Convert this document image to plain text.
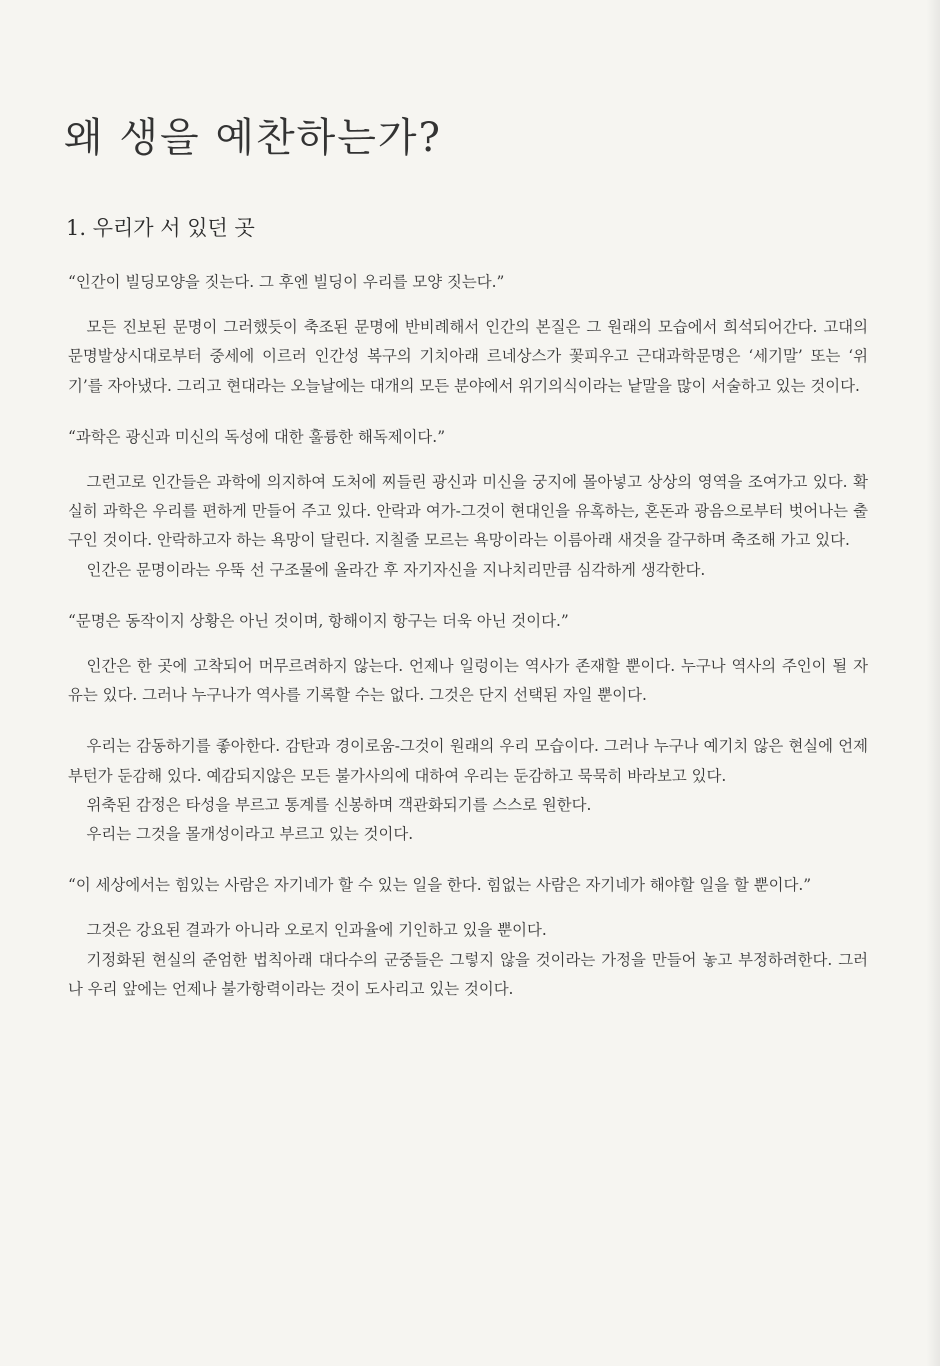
왜 생을 예찬하는가?
1. 우리가 서 있던 곳

“인간이 빌딩모양을 짓는다. 그 후엔 빌딩이 우리를 모양 짓는다.”

모든 진보된 문명이 그러했듯이 축조된 문명에 반비례해서 인간의 본질은 그 원래의 모습에서 희석되어간다. 고대의 문명발상시대로부터 중세에 이르러 인간성 복구의 기치아래 르네상스가 꽃피우고 근대과학문명은 ‘세기말’ 또는 ‘위기’를 자아냈다. 그리고 현대라는 오늘날에는 대개의 모든 분야에서 위기의식이라는 낱말을 많이 서술하고 있는 것이다.

“과학은 광신과 미신의 독성에 대한 훌륭한 해독제이다.”

그런고로 인간들은 과학에 의지하여 도처에 찌들린 광신과 미신을 궁지에 몰아넣고 상상의 영역을 조여가고 있다. 확실히 과학은 우리를 편하게 만들어 주고 있다. 안락과 여가-그것이 현대인을 유혹하는, 혼돈과 광음으로부터 벗어나는 출구인 것이다. 안락하고자 하는 욕망이 달린다. 지칠줄 모르는 욕망이라는 이름아래 새것을 갈구하며 축조해 가고 있다.

인간은 문명이라는 우뚝 선 구조물에 올라간 후 자기자신을 지나치리만큼 심각하게 생각한다.

“문명은 동작이지 상황은 아닌 것이며, 항해이지 항구는 더욱 아닌 것이다.”

인간은 한 곳에 고착되어 머무르려하지 않는다. 언제나 일렁이는 역사가 존재할 뿐이다. 누구나 역사의 주인이 될 자유는 있다. 그러나 누구나가 역사를 기록할 수는 없다. 그것은 단지 선택된 자일 뿐이다.

우리는 감동하기를 좋아한다. 감탄과 경이로움-그것이 원래의 우리 모습이다. 그러나 누구나 예기치 않은 현실에 언제부턴가 둔감해 있다. 예감되지않은 모든 불가사의에 대하여 우리는 둔감하고 묵묵히 바라보고 있다.

위축된 감정은 타성을 부르고 통계를 신봉하며 객관화되기를 스스로 원한다.

우리는 그것을 몰개성이라고 부르고 있는 것이다.

“이 세상에서는 힘있는 사람은 자기네가 할 수 있는 일을 한다. 힘없는 사람은 자기네가 해야할 일을 할 뿐이다.”

그것은 강요된 결과가 아니라 오로지 인과율에 기인하고 있을 뿐이다.

기정화된 현실의 준엄한 법칙아래 대다수의 군중들은 그렇지 않을 것이라는 가정을 만들어 놓고 부정하려한다. 그러나 우리 앞에는 언제나 불가항력이라는 것이 도사리고 있는 것이다.
